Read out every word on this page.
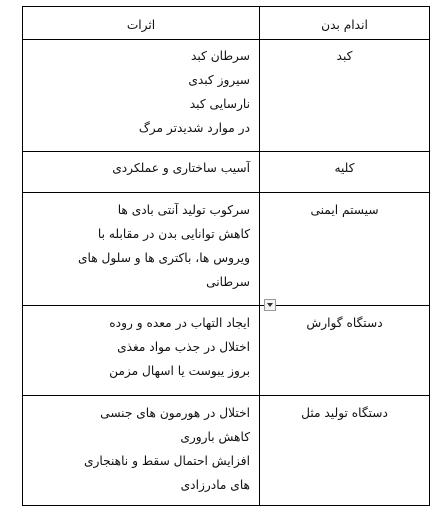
اندام بدن	اثرات
کبد	سرطان کبد
سیروز کبدی
نارسایی کبد
در موارد شدیدتر مرگ

کلیه	آسیب ساختاری و عملکردی

سیستم ایمنی	سرکوب تولید آنتی بادی ها
کاهش توانایی بدن در مقابله با
ویروس ها، باکتری ها و سلول های
سرطانی

دستگاه گوارش	ایجاد التهاب در معده و روده
اختلال در جذب مواد مغذی
بروز یبوست یا اسهال مزمن

دستگاه تولید مثل	اختلال در هورمون های جنسی
کاهش باروری
افزایش احتمال سقط و ناهنجاری
های مادرزادی
